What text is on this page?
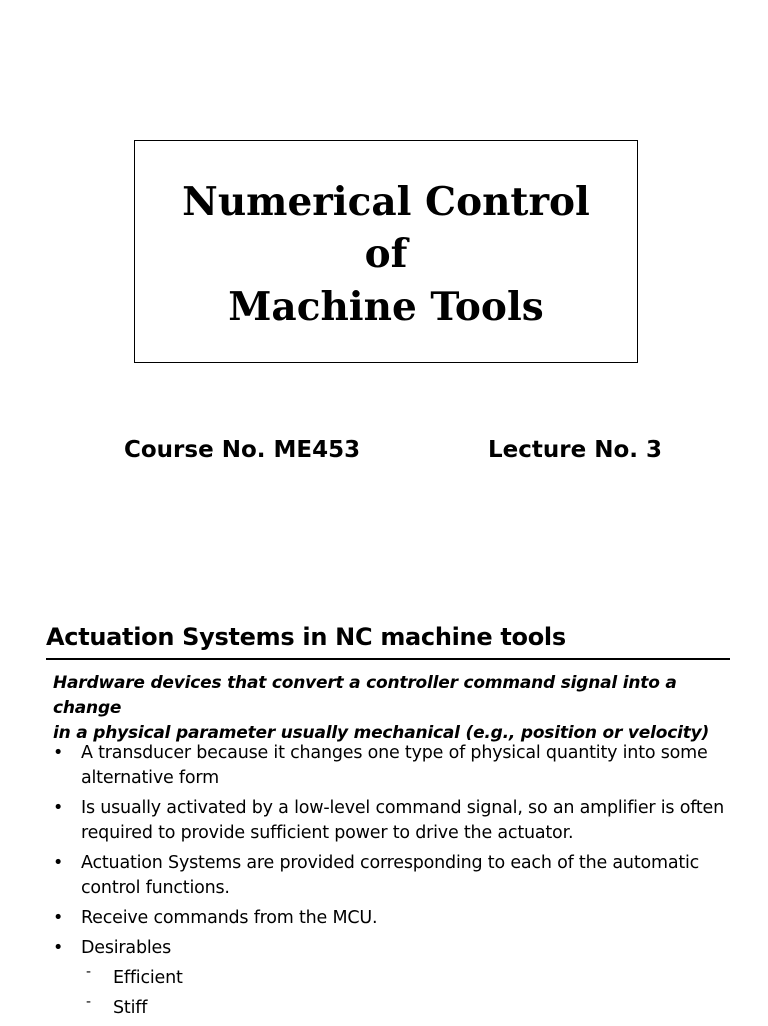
Numerical Control
of
Machine Tools
Course No. ME453	Lecture No. 3
Actuation Systems in NC machine tools
Hardware devices that convert a controller command signal into a change
in a physical parameter usually mechanical (e.g., position or velocity)
• A transducer because it changes one type of physical quantity into some alternative form
• Is usually activated by a low-level command signal, so an amplifier is often required to provide sufficient power to drive the actuator.
• Actuation Systems are provided corresponding to each of the automatic control functions.
• Receive commands from the MCU.
• Desirables
- Efficient
- Stiff
